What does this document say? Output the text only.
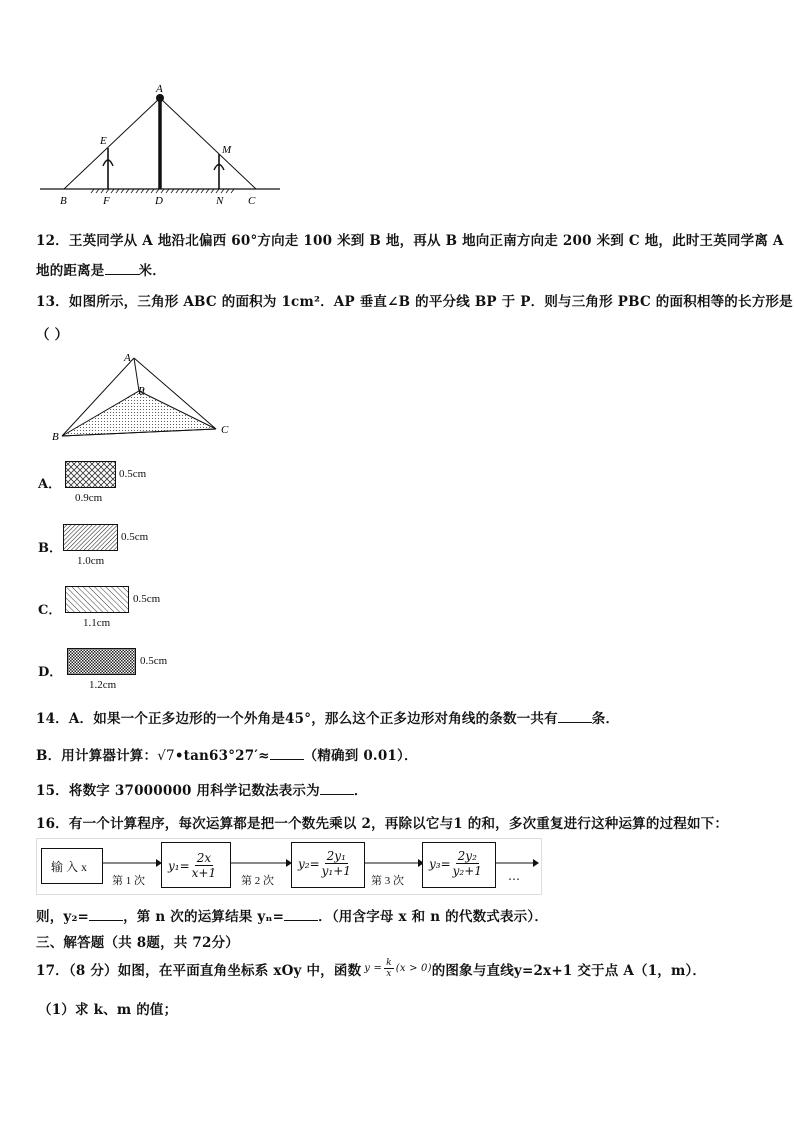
A
E
M
B	F	D	N C
12．王英同学从 A 地沿北偏西 60°方向走 100 米到 B 地，再从 B 地向正南方向走 200 米到 C 地，此时王英同学离 A
地的距离是	米．
13．如图所示，三角形 ABC 的面积为 1cm²．AP 垂直∠B 的平分线 BP 于 P．则与三角形 PBC 的面积相等的长方形是
（ ）
A
P
B
C
A．
0.5cm
0.9cm
B．
0.5cm
1.0cm
C．
0.5cm
1.1cm
D．
0.5cm
1.2cm
14．A．如果一个正多边形的一个外角是45°，那么这个正多边形对角线的条数一共有	条．
B．用计算器计算：√7•tan63°27′≈	（精确到 0.01）．
15．将数字 37000000 用科学记数法表示为	．
16．有一个计算程序，每次运算都是把一个数先乘以 2，再除以它与1 的和，多次重复进行这种运算的过程如下：
输 入 x
第 1 次
$y_1= \frac{2x}{x+1}$
第 2 次
$y_2= \frac{\text{2y₁}}{\text{y₁+1}}$
第 3 次
$y_3= \frac{\text{2y₂}}{\text{y₂+1}}$ …
则，y₂=	，第 n 次的运算结果 yₙ=	．（用含字母 x 和 n 的代数式表示）．
三、解答题（共 8题，共 72分）
17．（8 分）如图，在平面直角坐标系 xOy 中，函数 $y = \frac{k}{x} (x > 0)$ 的图象与直线y=2x+1 交于点 A（1，m）．
（1）求 k、m 的值；
